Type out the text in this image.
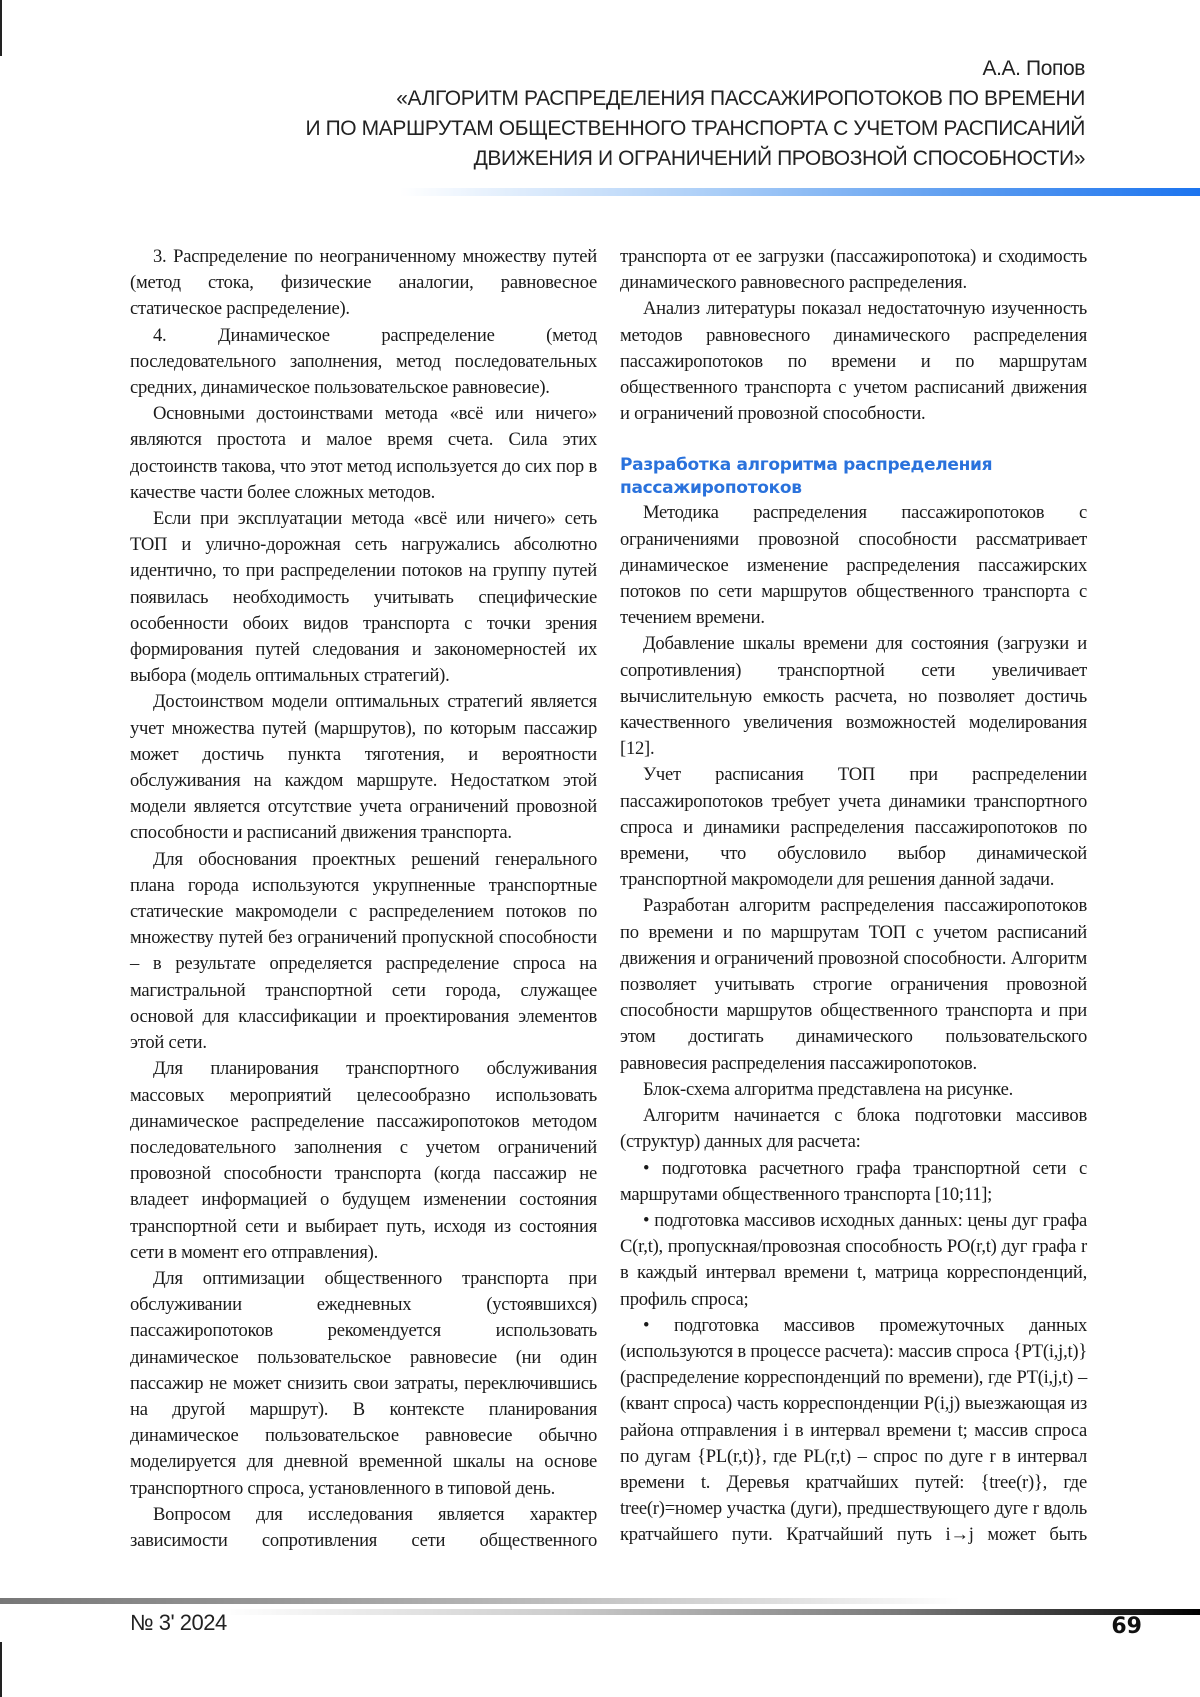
А.А. Попов
«АЛГОРИТМ РАСПРЕДЕЛЕНИЯ ПАССАЖИРОПОТОКОВ ПО ВРЕМЕНИ
И ПО МАРШРУТАМ ОБЩЕСТВЕННОГО ТРАНСПОРТА С УЧЕТОМ РАСПИСАНИЙ
ДВИЖЕНИЯ И ОГРАНИЧЕНИЙ ПРОВОЗНОЙ СПОСОБНОСТИ»

3. Распределение по неограниченному множеству путей (метод стока, физические аналогии, равновесное статическое распределение).

4. Динамическое распределение (метод последовательного заполнения, метод последовательных средних, динамическое пользовательское равновесие).

Основными достоинствами метода «всё или ничего» являются простота и малое время счета. Сила этих достоинств такова, что этот метод используется до сих пор в качестве части более сложных методов.

Если при эксплуатации метода «всё или ничего» сеть ТОП и улично-дорожная сеть нагружались абсолютно идентично, то при распределении потоков на группу путей появилась необходимость учитывать специфические особенности обоих видов транспорта с точки зрения формирования путей следования и закономерностей их выбора (модель оптимальных стратегий).

Достоинством модели оптимальных стратегий является учет множества путей (маршрутов), по которым пассажир может достичь пункта тяготения, и вероятности обслуживания на каждом маршруте. Недостатком этой модели является отсутствие учета ограничений провозной способности и расписаний движения транспорта.

Для обоснования проектных решений генерального плана города используются укрупненные транспортные статические макромодели с распределением потоков по множеству путей без ограничений пропускной способности – в результате определяется распределение спроса на магистральной транспортной сети города, служащее основой для классификации и проектирования элементов этой сети.

Для планирования транспортного обслуживания массовых мероприятий целесообразно использовать динамическое распределение пассажиропотоков методом последовательного заполнения с учетом ограничений провозной способности транспорта (когда пассажир не владеет информацией о будущем изменении состояния транспортной сети и выбирает путь, исходя из состояния сети в момент его отправления).

Для оптимизации общественного транспорта при обслуживании ежедневных (устоявшихся) пассажиропотоков рекомендуется использовать динамическое пользовательское равновесие (ни один пассажир не может снизить свои затраты, переключившись на другой маршрут). В контексте планирования динамическое пользовательское равновесие обычно моделируется для дневной временной шкалы на основе транспортного спроса, установленного в типовой день.

Вопросом для исследования является характер зависимости сопротивления сети общественного

транспорта от ее загрузки (пассажиропотока) и сходимость динамического равновесного распределения.

Анализ литературы показал недостаточную изученность методов равновесного динамического распределения пассажиропотоков по времени и по маршрутам общественного транспорта с учетом расписаний движения и ограничений провозной способности.

Разработка алгоритма распределения пассажиропотоков

Методика распределения пассажиропотоков с ограничениями провозной способности рассматривает динамическое изменение распределения пассажирских потоков по сети маршрутов общественного транспорта с течением времени.

Добавление шкалы времени для состояния (загрузки и сопротивления) транспортной сети увеличивает вычислительную емкость расчета, но позволяет достичь качественного увеличения возможностей моделирования [12].

Учет расписания ТОП при распределении пассажиропотоков требует учета динамики транспортного спроса и динамики распределения пассажиропотоков по времени, что обусловило выбор динамической транспортной макромодели для решения данной задачи.

Разработан алгоритм распределения пассажиропотоков по времени и по маршрутам ТОП с учетом расписаний движения и ограничений провозной способности. Алгоритм позволяет учитывать строгие ограничения провозной способности маршрутов общественного транспорта и при этом достигать динамического пользовательского равновесия распределения пассажиропотоков.

Блок-схема алгоритма представлена на рисунке.

Алгоритм начинается с блока подготовки массивов (структур) данных для расчета:

• подготовка расчетного графа транспортной сети с маршрутами общественного транспорта [10;11];

• подготовка массивов исходных данных: цены дуг графа C(r,t), пропускная/провозная способность PO(r,t) дуг графа r в каждый интервал времени t, матрица корреспонденций, профиль спроса;

• подготовка массивов промежуточных данных (используются в процессе расчета): массив спроса {PT(i,j,t)} (распределение корреспонденций по времени), где PT(i,j,t) – (квант спроса) часть корреспонденции P(i,j) выезжающая из района отправления i в интервал времени t; массив спроса по дугам {PL(r,t)}, где PL(r,t) – спрос по дуге r в интервал времени t. Деревья кратчайших путей: {tree(r)}, где tree(r)=номер участка (дуги), предшествующего дуге r вдоль кратчайшего пути. Кратчайший путь i→j может быть

№ 3' 2024	69
